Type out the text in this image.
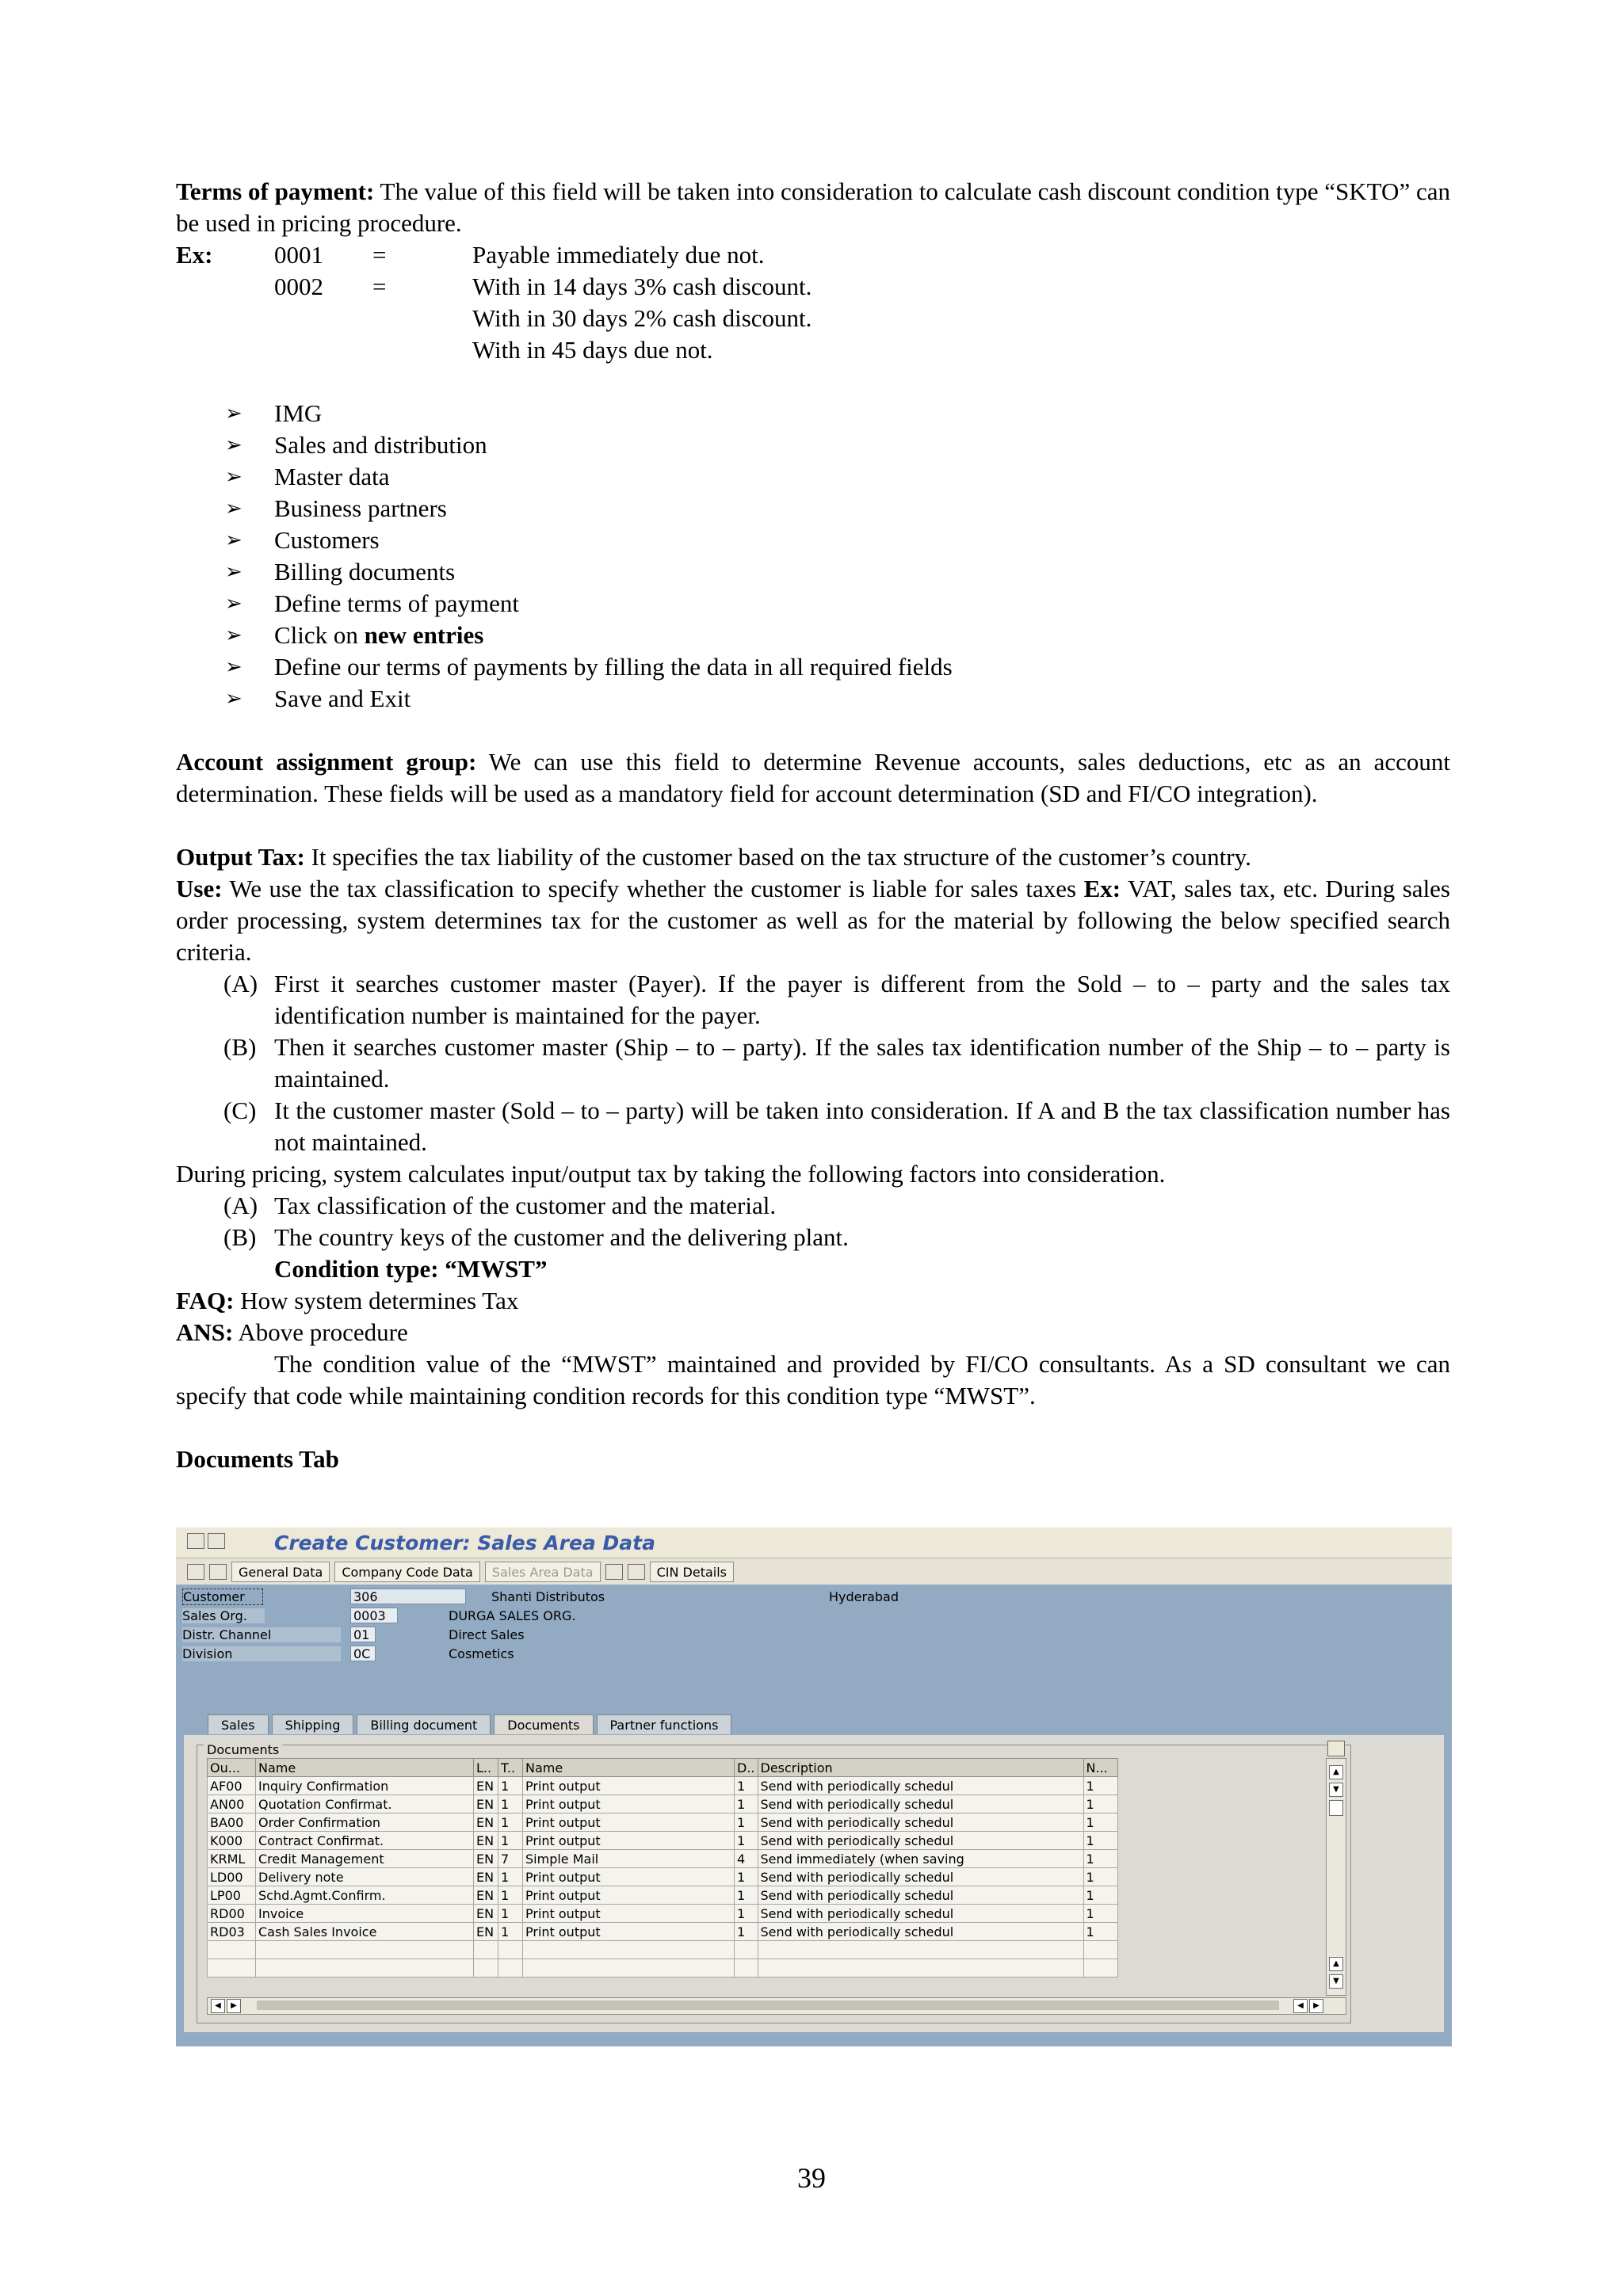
Terms of payment: The value of this field will be taken into consideration to calculate cash discount condition type “SKTO” can be used in pricing procedure.

Ex:	0001	=	Payable immediately due not.
0002	=	With in 14 days 3% cash discount.
With in 30 days 2% cash discount.
With in 45 days due not.
➢	IMG
➢	Sales and distribution
➢	Master data
➢	Business partners
➢	Customers
➢	Billing documents
➢	Define terms of payment
➢	Click on new entries
➢	Define our terms of payments by filling the data in all required fields
➢	Save and Exit

Account assignment group: We can use this field to determine Revenue accounts, sales deductions, etc as an account determination. These fields will be used as a mandatory field for account determination (SD and FI/CO integration).

Output Tax: It specifies the tax liability of the customer based on the tax structure of the customer’s country.

Use: We use the tax classification to specify whether the customer is liable for sales taxes Ex: VAT, sales tax, etc. During sales order processing, system determines tax for the customer as well as for the material by following the below specified search criteria.

(A) First it searches customer master (Payer). If the payer is different from the Sold – to – party and the sales tax identification number is maintained for the payer.
(B) Then it searches customer master (Ship – to – party). If the sales tax identification number of the Ship – to – party is maintained.
(C) It the customer master (Sold – to – party) will be taken into consideration. If A and B the tax classification number has not maintained.

During pricing, system calculates input/output tax by taking the following factors into consideration.

(A) Tax classification of the customer and the material.
(B) The country keys of the customer and the delivering plant.

Condition type: “MWST”

FAQ: How system determines Tax

ANS: Above procedure

The condition value of the “MWST” maintained and provided by FI/CO consultants. As a SD consultant we can specify that code while maintaining condition records for this condition type “MWST”.

Documents Tab

Create Customer: Sales Area Data
General Data	Company Code Data	Sales Area Data	CIN Details
Customer	306	Shanti Distributos	Hyderabad
Sales Org.	0003	DURGA SALES ORG.
Distr. Channel	01	Direct Sales
Division	0C	Cosmetics
Sales	Shipping	Billing document	Documents	Partner functions
Documents
Ou...	Name	L..	T..	Name	D..	Description	N...
AF00	Inquiry Confirmation	EN	1	Print output	1	Send with periodically schedul	1
AN00	Quotation Confirmat.	EN	1	Print output	1	Send with periodically schedul	1
BA00	Order Confirmation	EN	1	Print output	1	Send with periodically schedul	1
K000	Contract Confirmat.	EN	1	Print output	1	Send with periodically schedul	1
KRML	Credit Management	EN	7	Simple Mail	4	Send immediately (when saving	1
LD00	Delivery note	EN	1	Print output	1	Send with periodically schedul	1
LP00	Schd.Agmt.Confirm.	EN	1	Print output	1	Send with periodically schedul	1
RD00	Invoice	EN	1	Print output	1	Send with periodically schedul	1
RD03	Cash Sales Invoice	EN	1	Print output	1	Send with periodically schedul	1

▲
▼
▲
▼
◀	▶	◀	▶
39
